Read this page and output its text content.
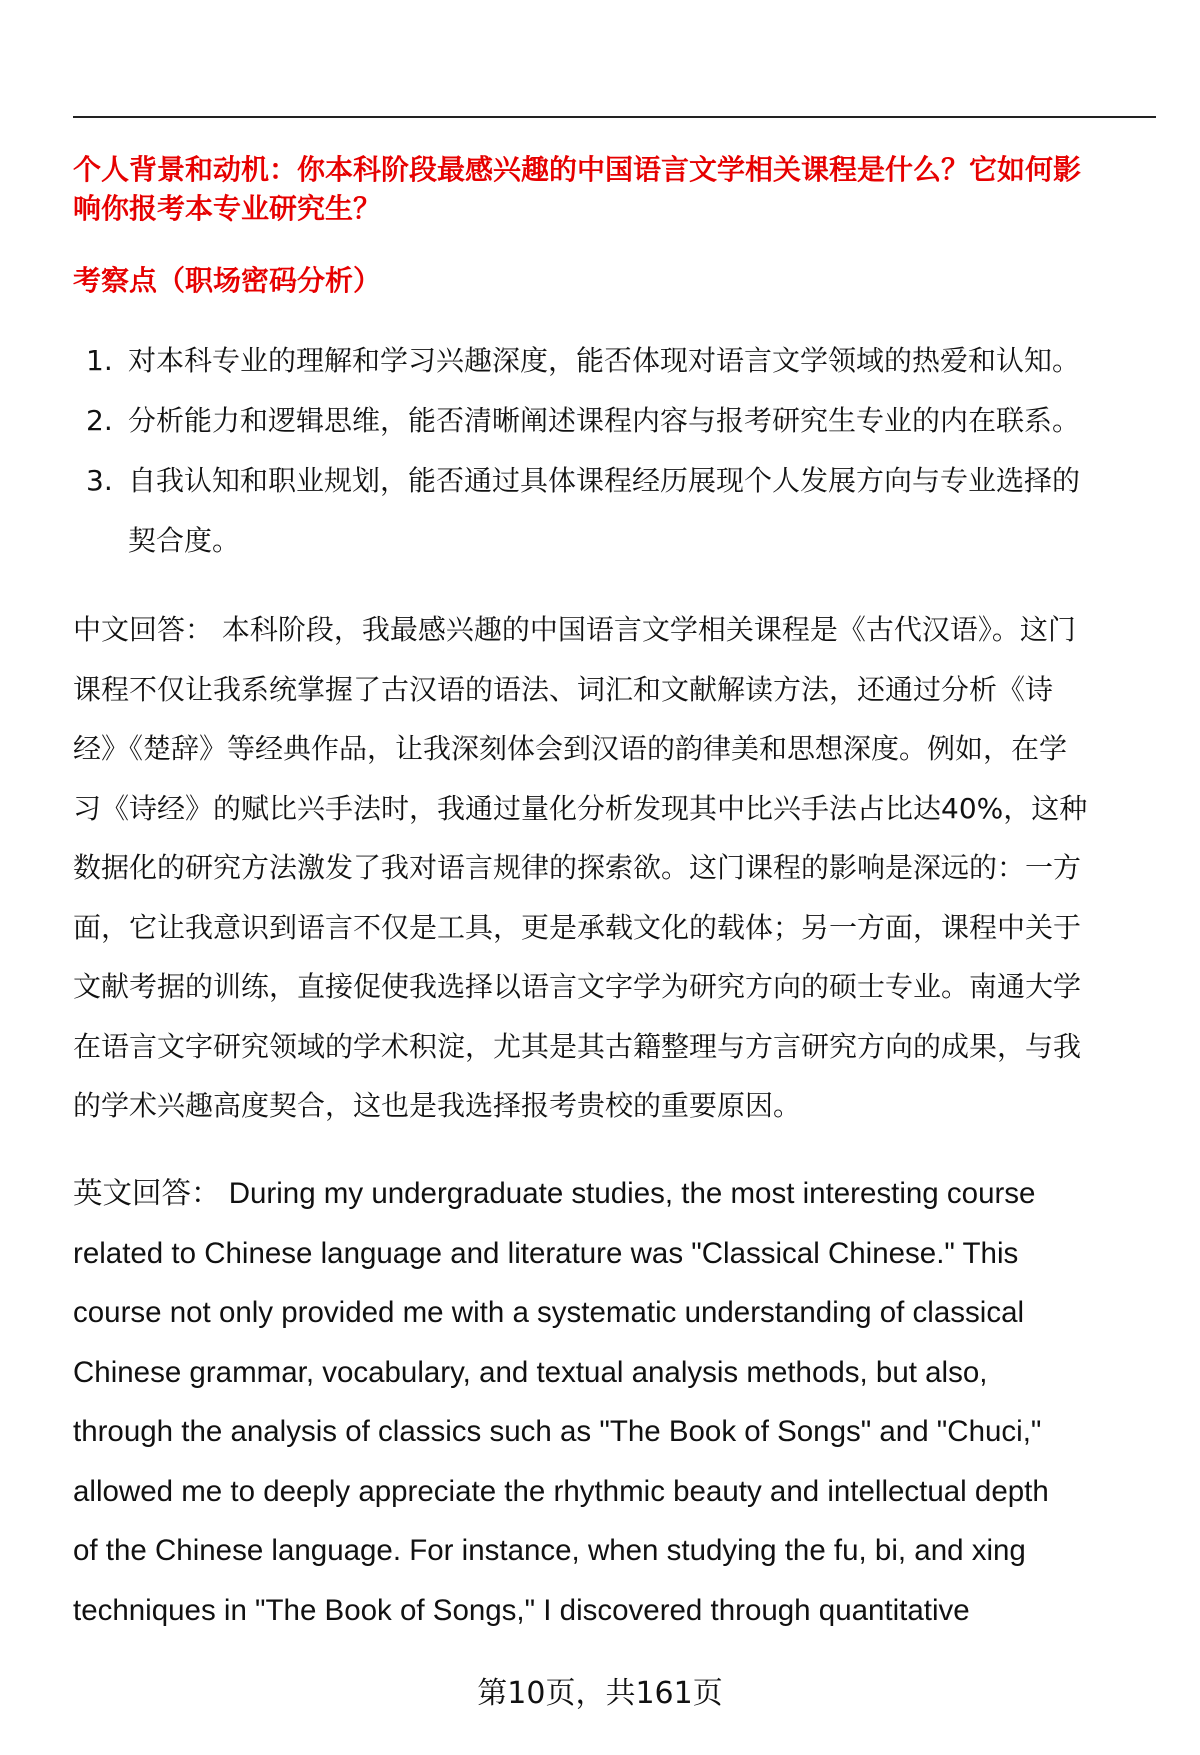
个人背景和动机：你本科阶段最感兴趣的中国语言文学相关课程是什么？它如何影
响你报考本专业研究生？
考察点（职场密码分析）
1. 对本科专业的理解和学习兴趣深度，能否体现对语言文学领域的热爱和认知。
2. 分析能力和逻辑思维，能否清晰阐述课程内容与报考研究生专业的内在联系。
3. 自我认知和职业规划，能否通过具体课程经历展现个人发展方向与专业选择的
契合度。
中文回答： 本科阶段，我最感兴趣的中国语言文学相关课程是《古代汉语》。这门
课程不仅让我系统掌握了古汉语的语法、词汇和文献解读方法，还通过分析《诗
经》《楚辞》等经典作品，让我深刻体会到汉语的韵律美和思想深度。例如，在学
习《诗经》的赋比兴手法时，我通过量化分析发现其中比兴手法占比达40%，这种
数据化的研究方法激发了我对语言规律的探索欲。这门课程的影响是深远的：一方
面，它让我意识到语言不仅是工具，更是承载文化的载体；另一方面，课程中关于
文献考据的训练，直接促使我选择以语言文字学为研究方向的硕士专业。南通大学
在语言文字研究领域的学术积淀，尤其是其古籍整理与方言研究方向的成果，与我
的学术兴趣高度契合，这也是我选择报考贵校的重要原因。
英文回答： During my undergraduate studies, the most interesting course
related to Chinese language and literature was "Classical Chinese." This
course not only provided me with a systematic understanding of classical
Chinese grammar, vocabulary, and textual analysis methods, but also,
through the analysis of classics such as "The Book of Songs" and "Chuci,"
allowed me to deeply appreciate the rhythmic beauty and intellectual depth
of the Chinese language. For instance, when studying the fu, bi, and xing
techniques in "The Book of Songs," I discovered through quantitative
第10页，共161页
